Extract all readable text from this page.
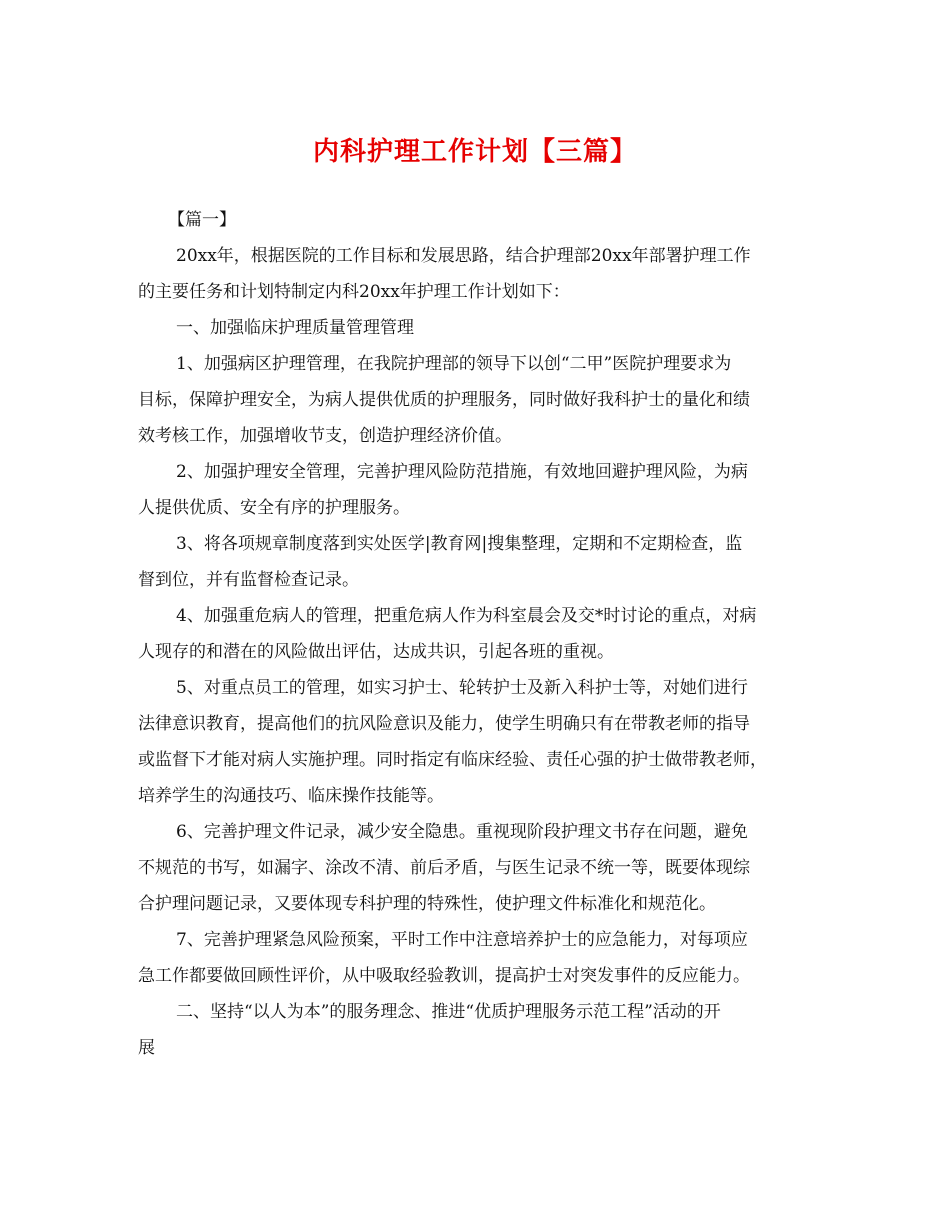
内科护理工作计划【三篇】
【篇一】
20xx年，根据医院的工作目标和发展思路，结合护理部20xx年部署护理工作
的主要任务和计划特制定内科20xx年护理工作计划如下：
一、加强临床护理质量管理管理
1、加强病区护理管理，在我院护理部的领导下以创“二甲”医院护理要求为
目标，保障护理安全，为病人提供优质的护理服务，同时做好我科护士的量化和绩
效考核工作，加强增收节支，创造护理经济价值。
2、加强护理安全管理，完善护理风险防范措施，有效地回避护理风险，为病
人提供优质、安全有序的护理服务。
3、将各项规章制度落到实处医学|教育网|搜集整理，定期和不定期检查，监
督到位，并有监督检查记录。
4、加强重危病人的管理，把重危病人作为科室晨会及交*时讨论的重点，对病
人现存的和潜在的风险做出评估，达成共识，引起各班的重视。
5、对重点员工的管理，如实习护士、轮转护士及新入科护士等，对她们进行
法律意识教育，提高他们的抗风险意识及能力，使学生明确只有在带教老师的指导
或监督下才能对病人实施护理。同时指定有临床经验、责任心强的护士做带教老师，
培养学生的沟通技巧、临床操作技能等。
6、完善护理文件记录，减少安全隐患。重视现阶段护理文书存在问题，避免
不规范的书写，如漏字、涂改不清、前后矛盾，与医生记录不统一等，既要体现综
合护理问题记录，又要体现专科护理的特殊性，使护理文件标准化和规范化。
7、完善护理紧急风险预案，平时工作中注意培养护士的应急能力，对每项应
急工作都要做回顾性评价，从中吸取经验教训，提高护士对突发事件的反应能力。
二、坚持“以人为本”的服务理念、推进“优质护理服务示范工程”活动的开
展
